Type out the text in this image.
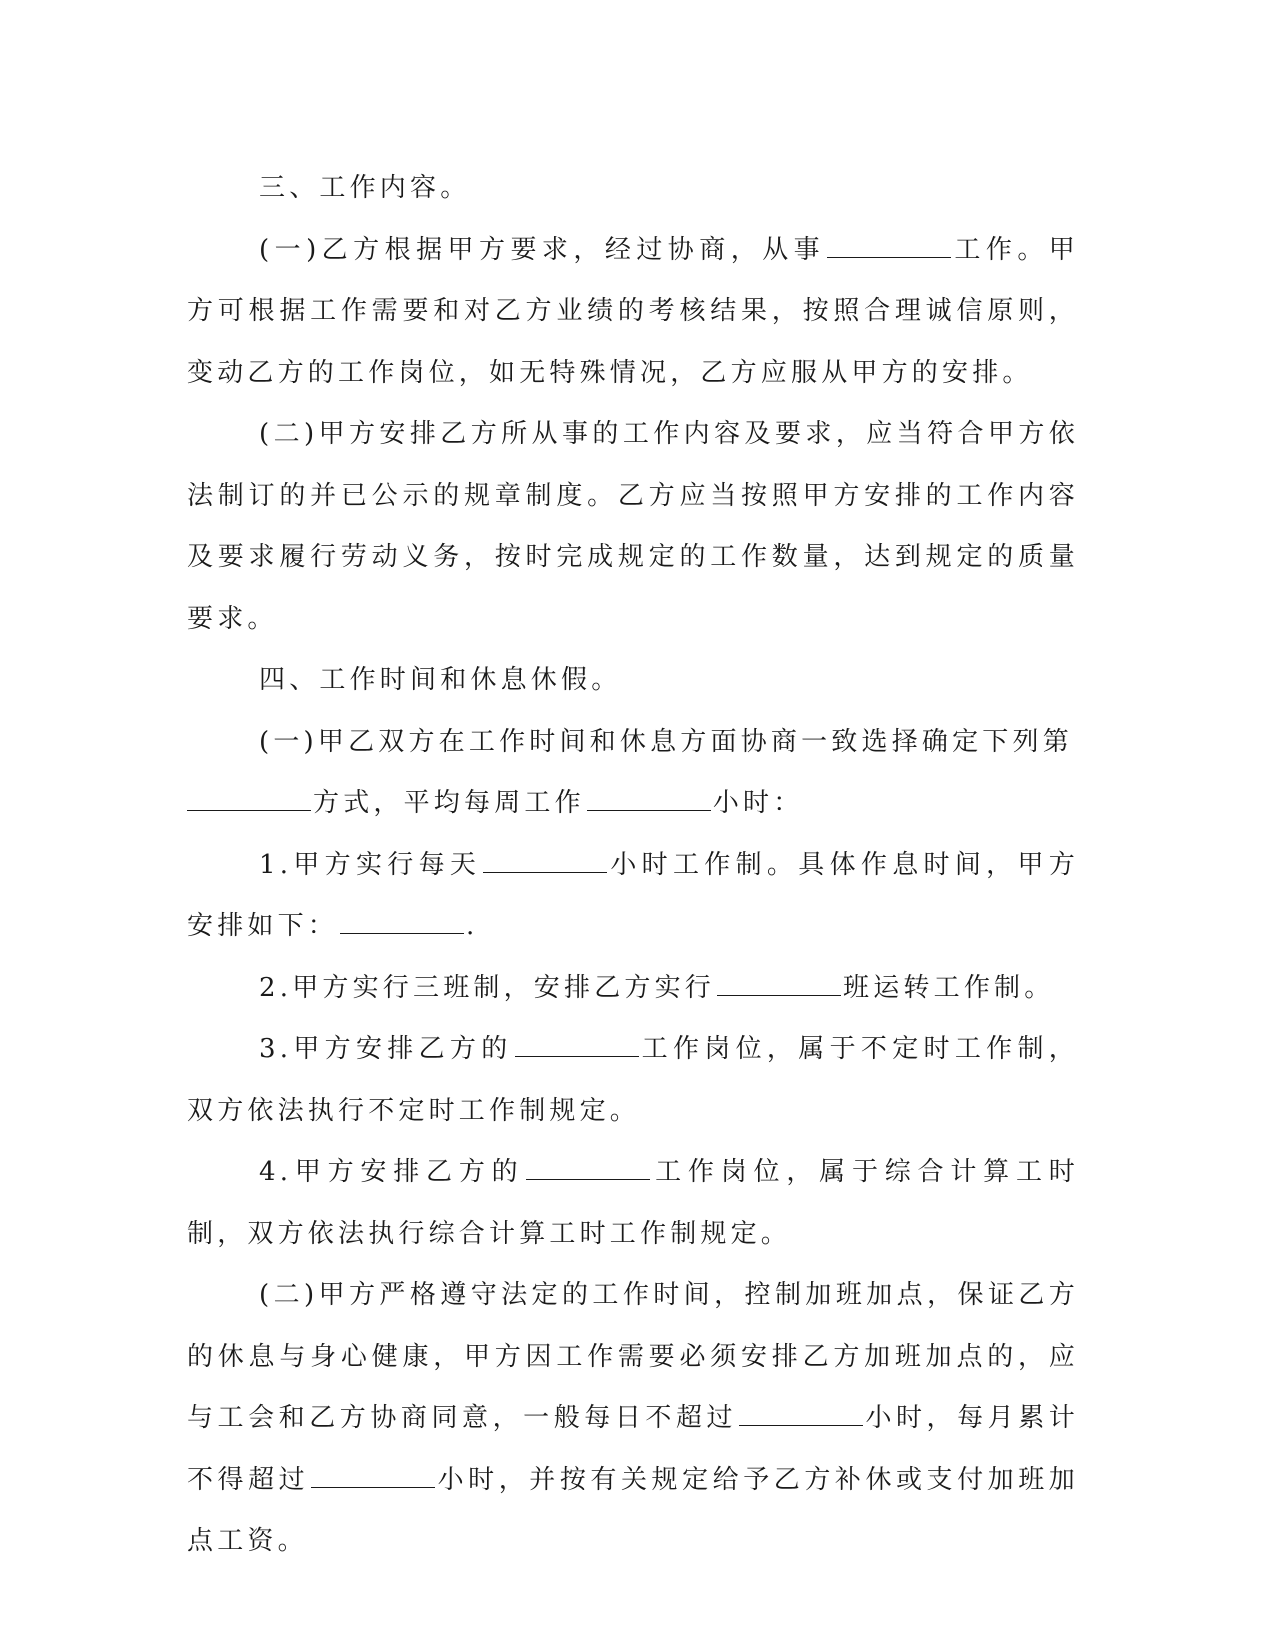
三、工作内容。

(一)乙方根据甲方要求，经过协商，从事	工作。甲方可根据工作需要和对乙方业绩的考核结果，按照合理诚信原则，变动乙方的工作岗位，如无特殊情况，乙方应服从甲方的安排。

(二)甲方安排乙方所从事的工作内容及要求，应当符合甲方依法制订的并已公示的规章制度。乙方应当按照甲方安排的工作内容及要求履行劳动义务，按时完成规定的工作数量，达到规定的质量要求。

四、工作时间和休息休假。

(一)甲乙双方在工作时间和休息方面协商一致选择确定下列第

方式，平均每周工作	小时：

1.甲方实行每天	小时工作制。具体作息时间，甲方安排如下：	.

2.甲方实行三班制，安排乙方实行	班运转工作制。

3.甲方安排乙方的	工作岗位，属于不定时工作制，双方依法执行不定时工作制规定。

4.甲方安排乙方的	工作岗位，属于综合计算工时制，双方依法执行综合计算工时工作制规定。

(二)甲方严格遵守法定的工作时间，控制加班加点，保证乙方的休息与身心健康，甲方因工作需要必须安排乙方加班加点的，应与工会和乙方协商同意，一般每日不超过	小时，每月累计不得超过	小时，并按有关规定给予乙方补休或支付加班加点工资。
